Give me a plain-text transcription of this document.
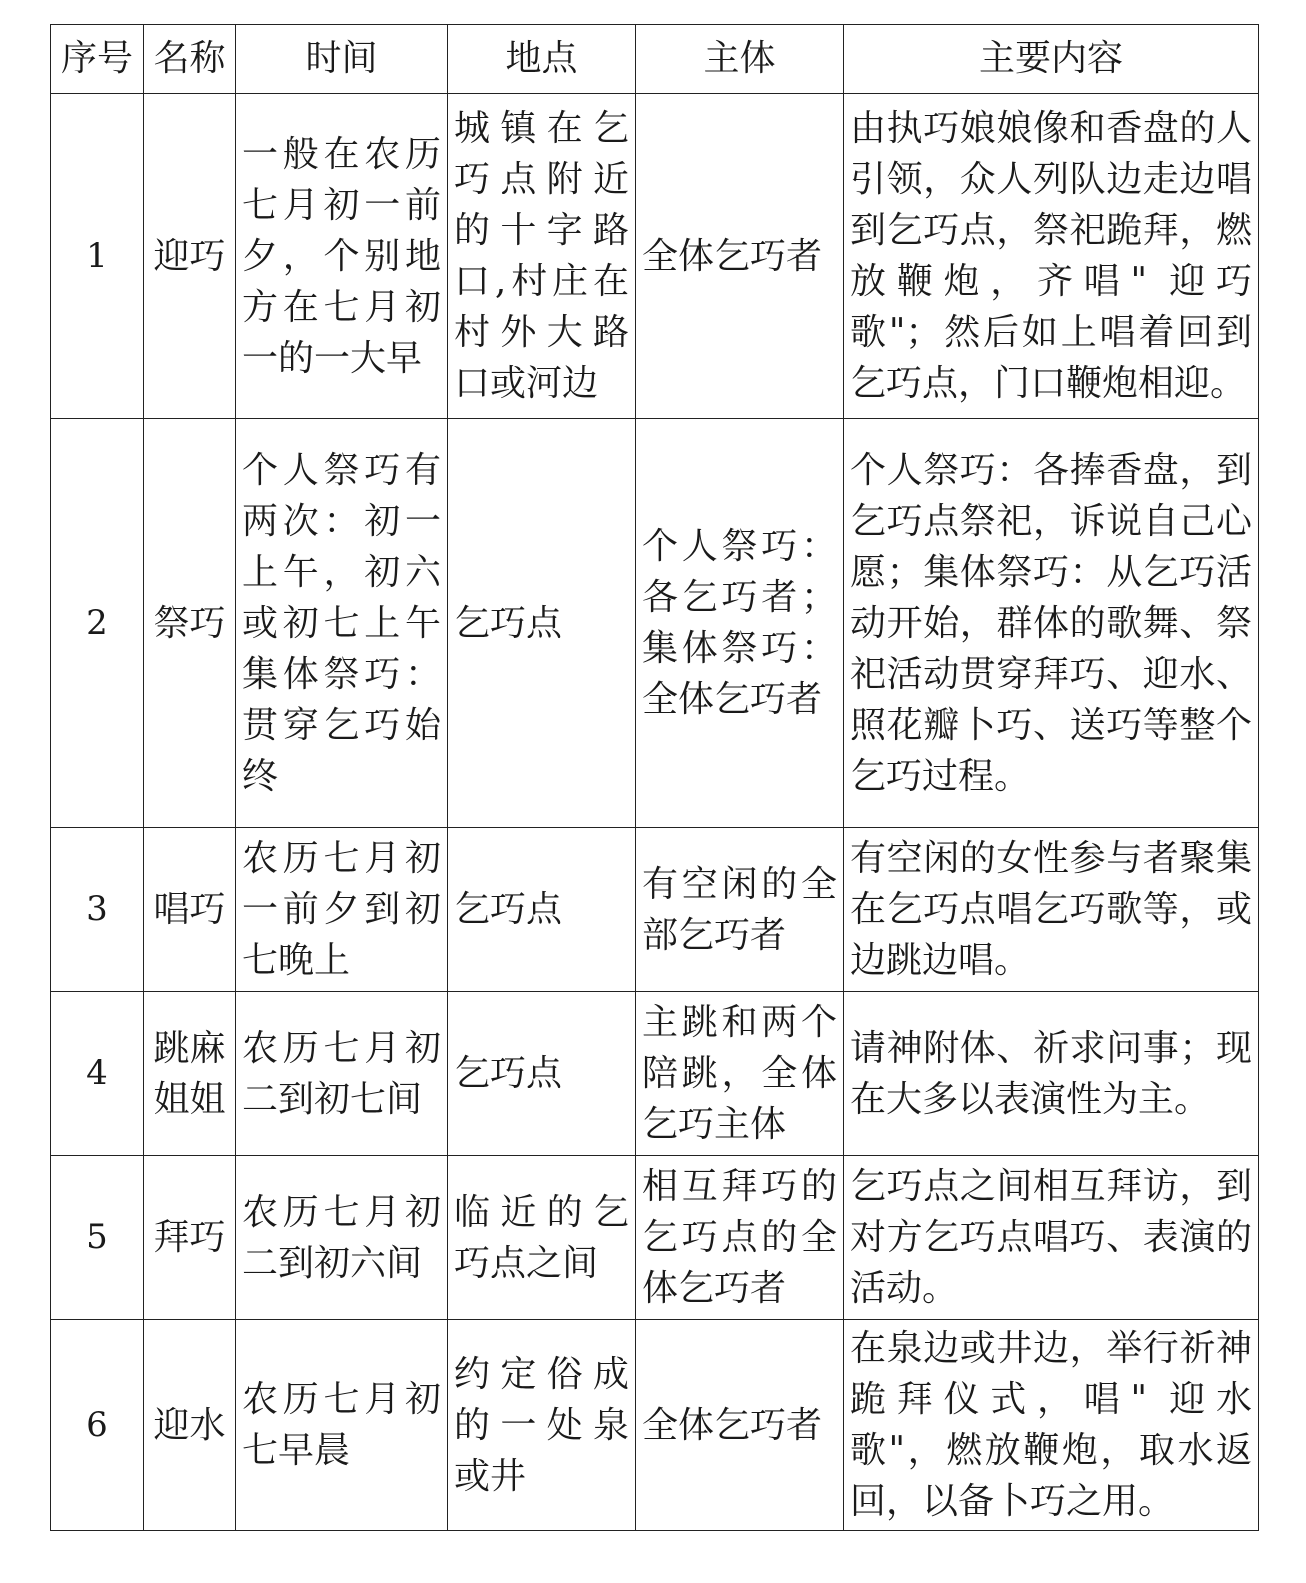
序号	名称	时间	地点	主体	主要内容

1	迎巧	一般在农历七月初一前夕，个别地方在七月初一的一大早	城镇在乞巧点附近的十字路口,村庄在村外大路口或河边	全体乞巧者	由执巧娘娘像和香盘的人引领，众人列队边走边唱到乞巧点，祭祀跪拜，燃放鞭炮，齐唱" 迎巧歌"；然后如上唱着回到乞巧点，门口鞭炮相迎。

2	祭巧	个人祭巧有两次：初一上午，初六或初七上午集体祭巧：贯穿乞巧始终	乞巧点	个人祭巧：各乞巧者；集体祭巧：全体乞巧者	个人祭巧：各捧香盘，到乞巧点祭祀，诉说自己心愿；集体祭巧：从乞巧活动开始，群体的歌舞、祭祀活动贯穿拜巧、迎水、照花瓣卜巧、送巧等整个乞巧过程。

3	唱巧	农历七月初一前夕到初七晚上	乞巧点	有空闲的全部乞巧者	有空闲的女性参与者聚集在乞巧点唱乞巧歌等，或边跳边唱。

4	跳麻姐姐	农历七月初二到初七间	乞巧点	主跳和两个陪跳，全体乞巧主体	请神附体、祈求问事；现在大多以表演性为主。

5	拜巧	农历七月初二到初六间	临近的乞巧点之间	相互拜巧的乞巧点的全体乞巧者	乞巧点之间相互拜访，到对方乞巧点唱巧、表演的活动。

6	迎水	农历七月初七早晨	约定俗成的一处泉或井	全体乞巧者	在泉边或井边，举行祈神跪拜仪式，唱" 迎水歌"，燃放鞭炮，取水返回，以备卜巧之用。
